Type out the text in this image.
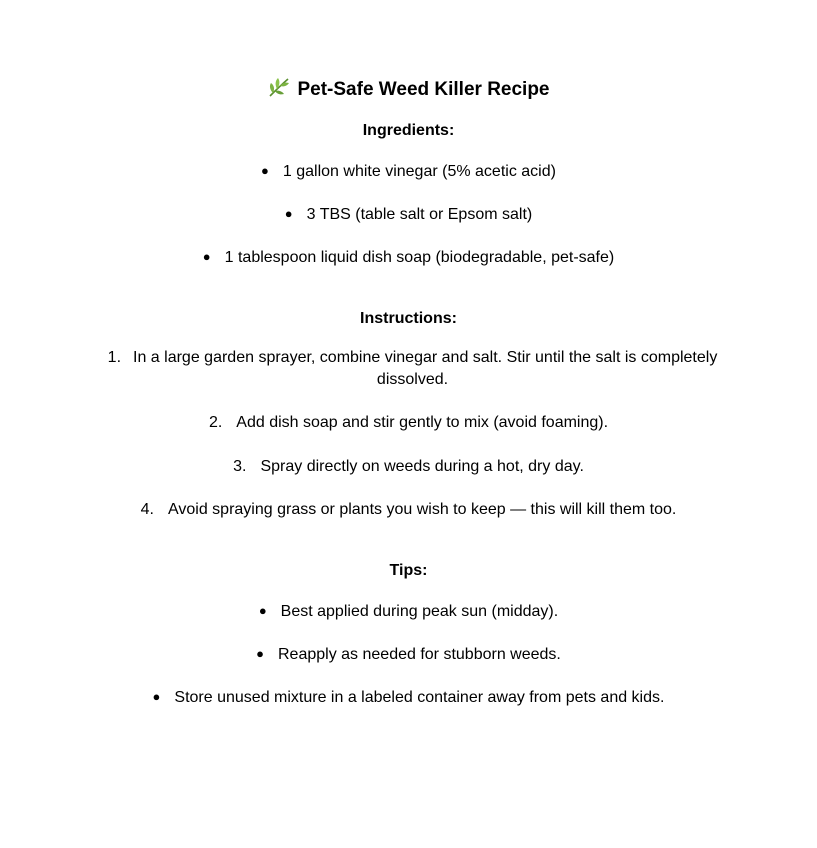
Pet-Safe Weed Killer Recipe
Ingredients:
● 1 gallon white vinegar (5% acetic acid)
● 3 TBS (table salt or Epsom salt)
● 1 tablespoon liquid dish soap (biodegradable, pet-safe)
Instructions:
1. In a large garden sprayer, combine vinegar and salt. Stir until the salt is completely dissolved.
2. Add dish soap and stir gently to mix (avoid foaming).
3. Spray directly on weeds during a hot, dry day.
4. Avoid spraying grass or plants you wish to keep — this will kill them too.
Tips:
● Best applied during peak sun (midday).
● Reapply as needed for stubborn weeds.
● Store unused mixture in a labeled container away from pets and kids.
